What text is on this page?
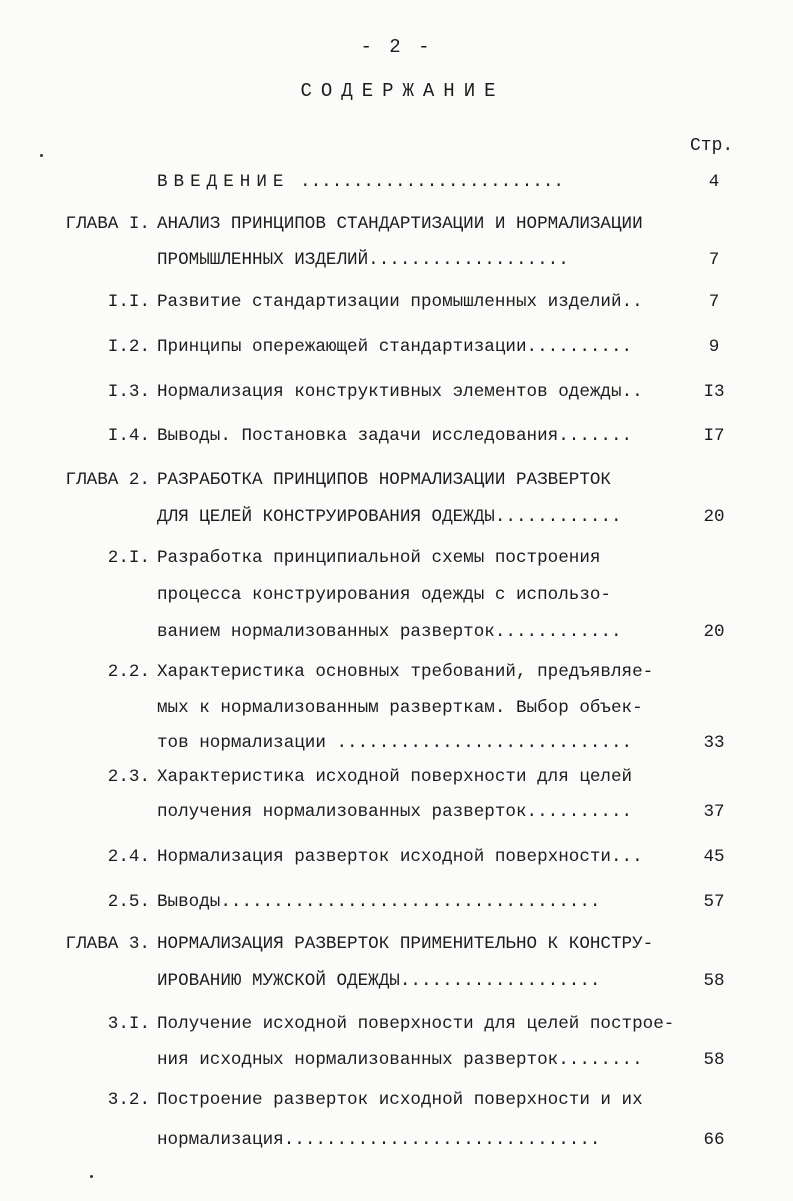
- 2 -
СОДЕРЖАНИЕ
Стр.
ВВЕДЕНИЕ .........................	4
ГЛАВА I. АНАЛИЗ ПРИНЦИПОВ СТАНДАРТИЗАЦИИ И НОРМАЛИЗАЦИИ
ПРОМЫШЛЕННЫХ ИЗДЕЛИЙ...................	7
I.I. Развитие стандартизации промышленных изделий..	7
I.2. Принципы опережающей стандартизации..........	9
I.3. Нормализация конструктивных элементов одежды..	I3
I.4. Выводы. Постановка задачи исследования.......	I7
ГЛАВА 2. РАЗРАБОТКА ПРИНЦИПОВ НОРМАЛИЗАЦИИ РАЗВЕРТОК
ДЛЯ ЦЕЛЕЙ КОНСТРУИРОВАНИЯ ОДЕЖДЫ............	20
2.I. Разработка принципиальной схемы построения
процесса конструирования одежды с использо-
ванием нормализованных разверток............	20
2.2. Характеристика основных требований, предъявляе-
мых к нормализованным разверткам. Выбор объек-
тов нормализации ............................	33
2.3. Характеристика исходной поверхности для целей
получения нормализованных разверток..........	37
2.4. Нормализация разверток исходной поверхности...	45
2.5. Выводы....................................	57
ГЛАВА 3. НОРМАЛИЗАЦИЯ РАЗВЕРТОК ПРИМЕНИТЕЛЬНО К КОНСТРУ-
ИРОВАНИЮ МУЖСКОЙ ОДЕЖДЫ...................	58
3.I. Получение исходной поверхности для целей построе-
ния исходных нормализованных разверток........	58
3.2. Построение разверток исходной поверхности и их
нормализация..............................	66
